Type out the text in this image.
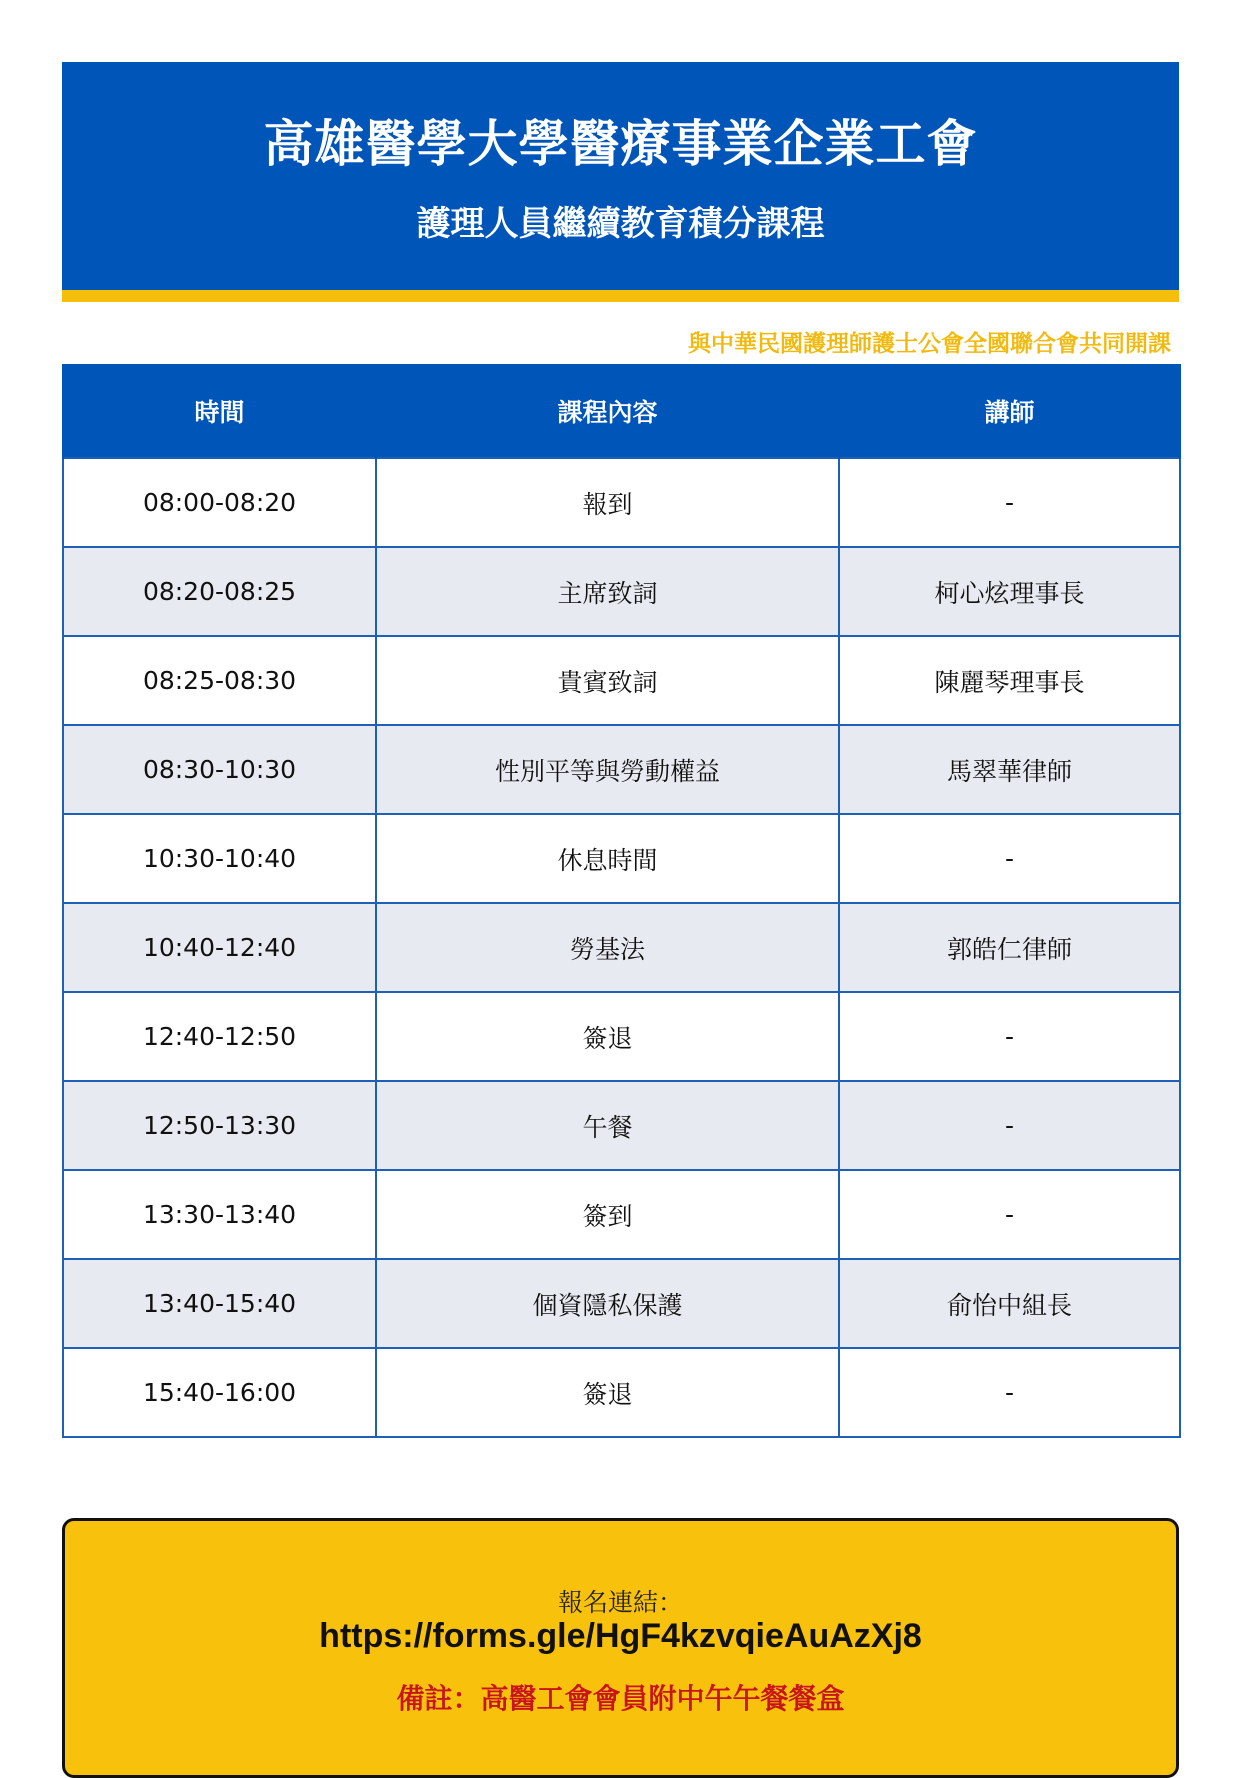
高雄醫學大學醫療事業企業工會
護理人員繼續教育積分課程
與中華民國護理師護士公會全國聯合會共同開課
時間	課程內容	講師
08:00-08:20	報到	-
08:20-08:25	主席致詞	柯心炫理事長
08:25-08:30	貴賓致詞	陳麗琴理事長
08:30-10:30	性別平等與勞動權益	馬翠華律師
10:30-10:40	休息時間	-
10:40-12:40	勞基法	郭皓仁律師
12:40-12:50	簽退	-
12:50-13:30	午餐	-
13:30-13:40	簽到	-
13:40-15:40	個資隱私保護	俞怡中組長
15:40-16:00	簽退	-
報名連結：
https://forms.gle/HgF4kzvqieAuAzXj8
備註：高醫工會會員附中午午餐餐盒
